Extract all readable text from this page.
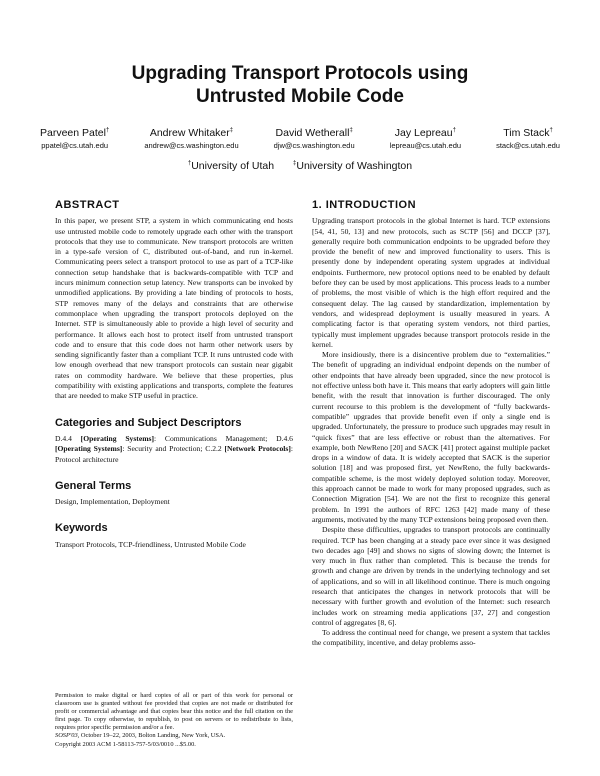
Upgrading Transport Protocols using
Untrusted Mobile Code
Parveen Patel†
ppatel@cs.utah.edu
Andrew Whitaker‡
andrew@cs.washington.edu
David Wetherall‡
djw@cs.washington.edu
Jay Lepreau†
lepreau@cs.utah.edu
Tim Stack†
stack@cs.utah.edu
†University of Utah	‡University of Washington
ABSTRACT

In this paper, we present STP, a system in which communicating end hosts use untrusted mobile code to remotely upgrade each other with the transport protocols that they use to communicate. New transport protocols are written in a type-safe version of C, distributed out-of-band, and run in-kernel. Communicating peers select a transport protocol to use as part of a TCP-like connection setup handshake that is backwards-compatible with TCP and incurs minimum connection setup latency. New transports can be invoked by unmodified applications. By providing a late binding of protocols to hosts, STP removes many of the delays and constraints that are otherwise commonplace when upgrading the transport protocols deployed on the Internet. STP is simultaneously able to provide a high level of security and performance. It allows each host to protect itself from untrusted transport code and to ensure that this code does not harm other network users by sending significantly faster than a compliant TCP. It runs untrusted code with low enough overhead that new transport protocols can sustain near gigabit rates on commodity hardware. We believe that these properties, plus compatibility with existing applications and transports, complete the features that are needed to make STP useful in practice.

Categories and Subject Descriptors

D.4.4 [Operating Systems]: Communications Management; D.4.6 [Operating Systems]: Security and Protection; C.2.2 [Network Protocols]: Protocol architecture

General Terms

Design, Implementation, Deployment

Keywords

Transport Protocols, TCP-friendliness, Untrusted Mobile Code

Permission to make digital or hard copies of all or part of this work for personal or classroom use is granted without fee provided that copies are not made or distributed for profit or commercial advantage and that copies bear this notice and the full citation on the first page. To copy otherwise, to republish, to post on servers or to redistribute to lists, requires prior specific permission and/or a fee.

SOSP'03, October 19–22, 2003, Bolton Landing, New York, USA.

Copyright 2003 ACM 1-58113-757-5/03/0010 ...$5.00.

1. INTRODUCTION

Upgrading transport protocols in the global Internet is hard. TCP extensions [54, 41, 50, 13] and new protocols, such as SCTP [56] and DCCP [37], generally require both communication endpoints to be upgraded before they provide the benefit of new and improved functionality to users. This is presently done by independent operating system upgrades at individual endpoints. Furthermore, new protocol options need to be enabled by default before they can be used by most applications. This process leads to a number of problems, the most visible of which is the high effort required and the consequent delay. The lag caused by standardization, implementation by vendors, and widespread deployment is usually measured in years. A complicating factor is that operating system vendors, not third parties, typically must implement upgrades because transport protocols reside in the kernel.

More insidiously, there is a disincentive problem due to “externalities.” The benefit of upgrading an individual endpoint depends on the number of other endpoints that have already been upgraded, since the new protocol is not effective unless both have it. This means that early adopters will gain little benefit, with the result that innovation is further discouraged. The only current recourse to this problem is the development of “fully backwards-compatible” upgrades that provide benefit even if only a single end is upgraded. Unfortunately, the pressure to produce such upgrades may result in “quick fixes” that are less effective or robust than the alternatives. For example, both NewReno [20] and SACK [41] protect against multiple packet drops in a window of data. It is widely accepted that SACK is the superior solution [18] and was proposed first, yet NewReno, the fully backwards-compatible scheme, is the most widely deployed solution today. Moreover, this approach cannot be made to work for many proposed upgrades, such as Connection Migration [54]. We are not the first to recognize this general problem. In 1991 the authors of RFC 1263 [42] made many of these arguments, motivated by the many TCP extensions being proposed even then.

Despite these difficulties, upgrades to transport protocols are continually required. TCP has been changing at a steady pace ever since it was designed two decades ago [49] and shows no signs of slowing down; the Internet is very much in flux rather than completed. This is because the trends for growth and change are driven by trends in the underlying technology and set of applications, and so will in all likelihood continue. There is much ongoing research that anticipates the changes in network protocols that will be necessary with further growth and evolution of the Internet: such research includes work on streaming media applications [37, 27] and congestion control of aggregates [8, 6].

To address the continual need for change, we present a system that tackles the compatibility, incentive, and delay problems asso-
